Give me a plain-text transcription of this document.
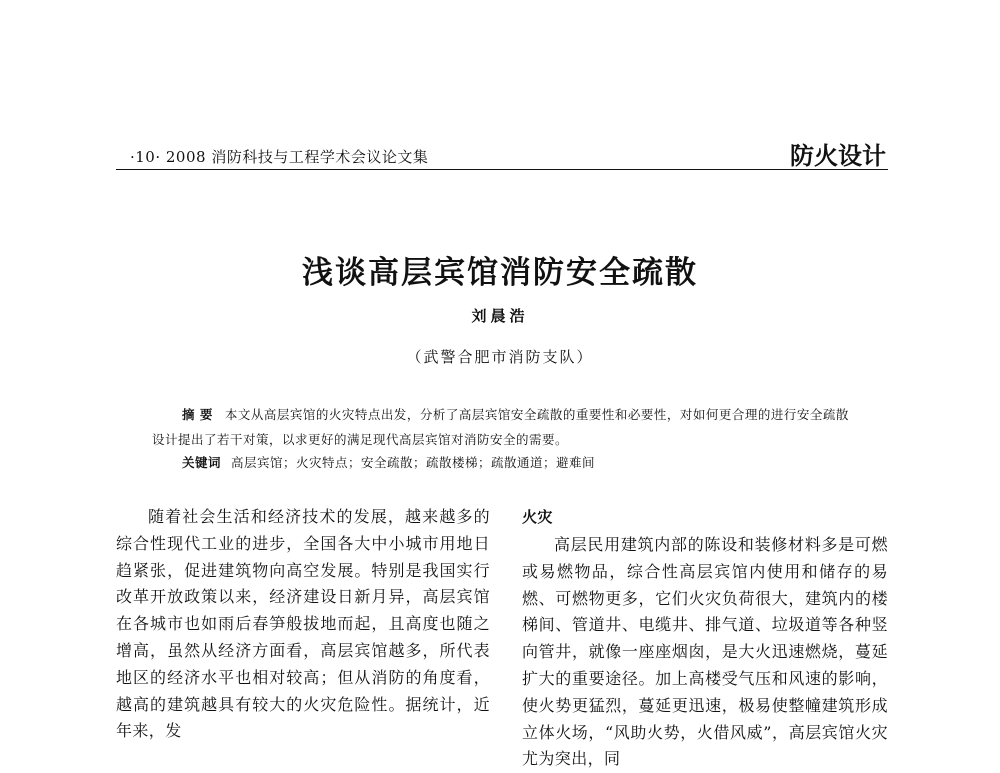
·10· 2008 消防科技与工程学术会议论文集	防火设计
浅谈高层宾馆消防安全疏散
刘晨浩
（武警合肥市消防支队）
摘 要 本文从高层宾馆的火灾特点出发，分析了高层宾馆安全疏散的重要性和必要性，对如何更合理的进行安全疏散设计提出了若干对策，以求更好的满足现代高层宾馆对消防安全的需要。
关键词 高层宾馆；火灾特点；安全疏散；疏散楼梯；疏散通道；避难间

随着社会生活和经济技术的发展，越来越多的综合性现代工业的进步，全国各大中小城市用地日趋紧张，促进建筑物向高空发展。特别是我国实行改革开放政策以来，经济建设日新月异，高层宾馆在各城市也如雨后春笋般拔地而起，且高度也随之增高，虽然从经济方面看，高层宾馆越多，所代表地区的经济水平也相对较高；但从消防的角度看，越高的建筑越具有较大的火灾危险性。据统计，近年来，发

火灾

高层民用建筑内部的陈设和装修材料多是可燃或易燃物品，综合性高层宾馆内使用和储存的易燃、可燃物更多，它们火灾负荷很大，建筑内的楼梯间、管道井、电缆井、排气道、垃圾道等各种竖向管井，就像一座座烟囱，是大火迅速燃烧，蔓延扩大的重要途径。加上高楼受气压和风速的影响，使火势更猛烈，蔓延更迅速，极易使整幢建筑形成立体火场，“风助火势，火借风威”，高层宾馆火灾尤为突出，同
